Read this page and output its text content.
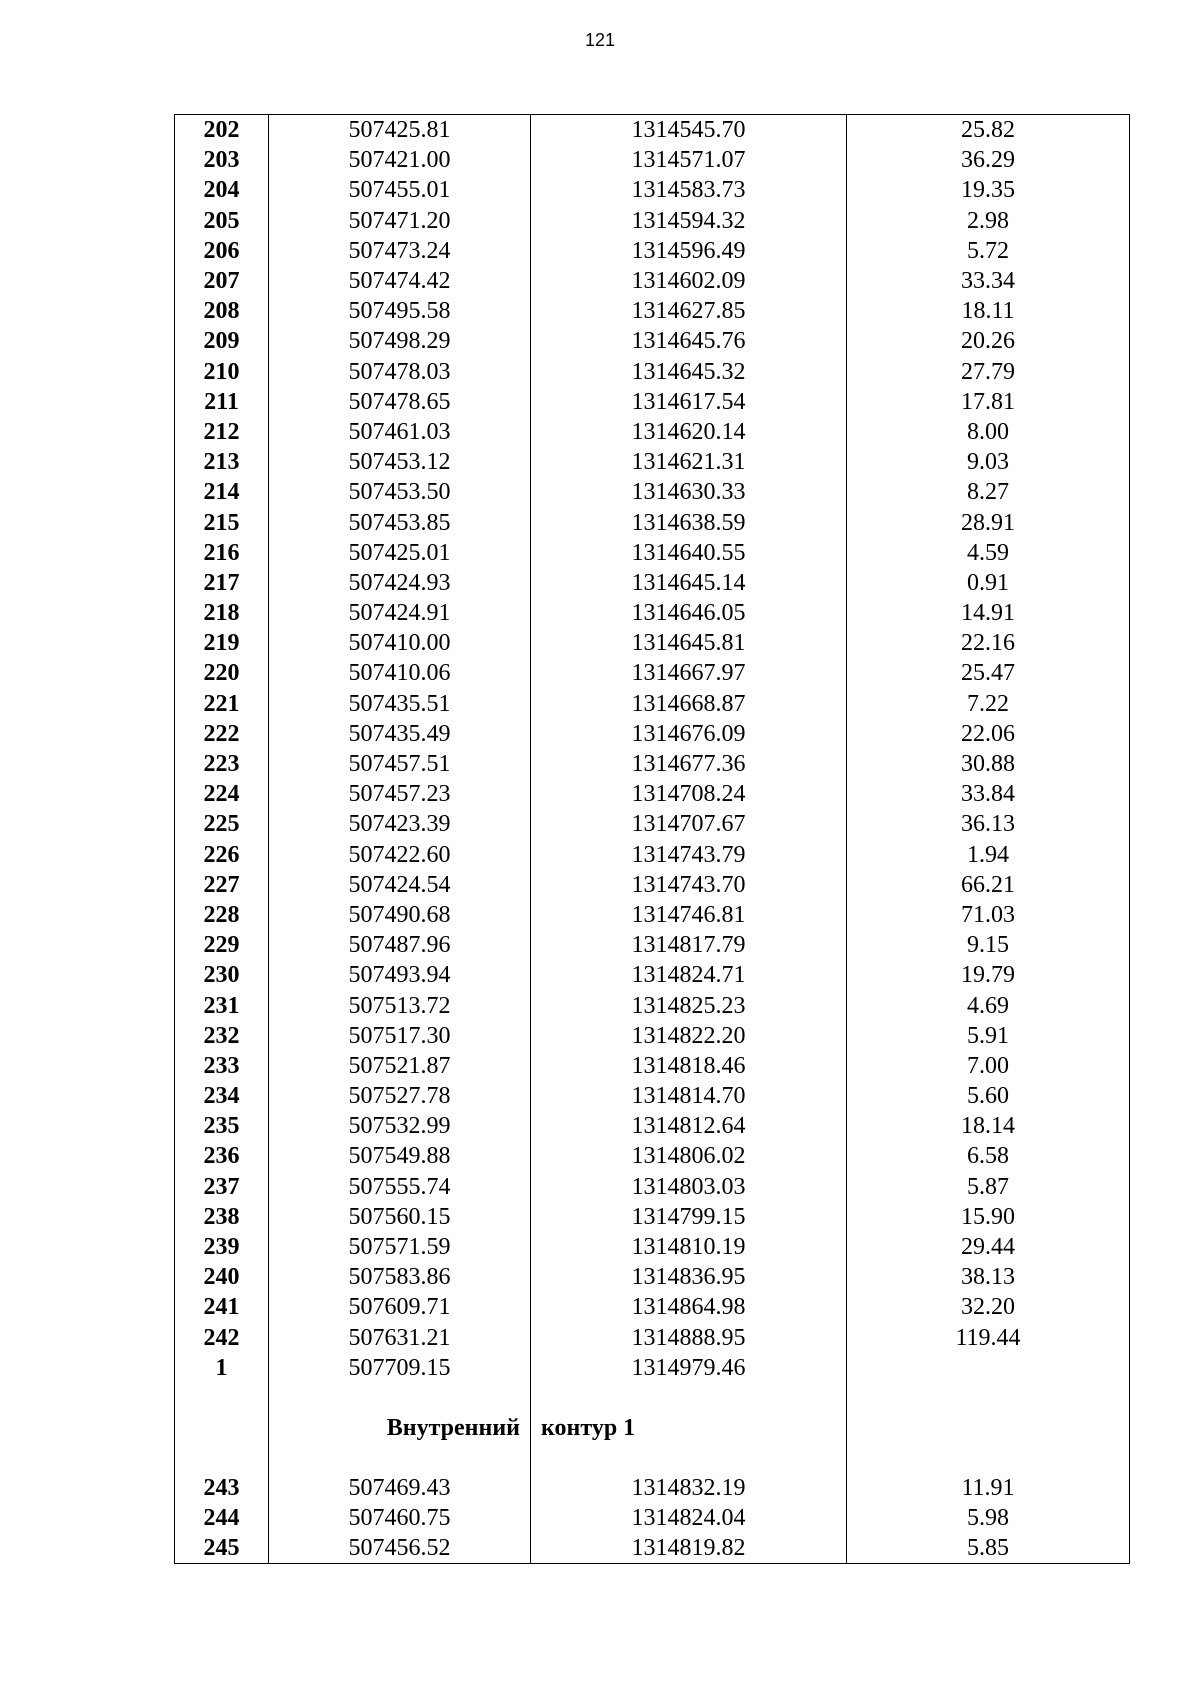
121
202	507425.81	1314545.70	25.82
203	507421.00	1314571.07	36.29
204	507455.01	1314583.73	19.35
205	507471.20	1314594.32	2.98
206	507473.24	1314596.49	5.72
207	507474.42	1314602.09	33.34
208	507495.58	1314627.85	18.11
209	507498.29	1314645.76	20.26
210	507478.03	1314645.32	27.79
211	507478.65	1314617.54	17.81
212	507461.03	1314620.14	8.00
213	507453.12	1314621.31	9.03
214	507453.50	1314630.33	8.27
215	507453.85	1314638.59	28.91
216	507425.01	1314640.55	4.59
217	507424.93	1314645.14	0.91
218	507424.91	1314646.05	14.91
219	507410.00	1314645.81	22.16
220	507410.06	1314667.97	25.47
221	507435.51	1314668.87	7.22
222	507435.49	1314676.09	22.06
223	507457.51	1314677.36	30.88
224	507457.23	1314708.24	33.84
225	507423.39	1314707.67	36.13
226	507422.60	1314743.79	1.94
227	507424.54	1314743.70	66.21
228	507490.68	1314746.81	71.03
229	507487.96	1314817.79	9.15
230	507493.94	1314824.71	19.79
231	507513.72	1314825.23	4.69
232	507517.30	1314822.20	5.91
233	507521.87	1314818.46	7.00
234	507527.78	1314814.70	5.60
235	507532.99	1314812.64	18.14
236	507549.88	1314806.02	6.58
237	507555.74	1314803.03	5.87
238	507560.15	1314799.15	15.90
239	507571.59	1314810.19	29.44
240	507583.86	1314836.95	38.13
241	507609.71	1314864.98	32.20
242	507631.21	1314888.95	119.44
1	507709.15	1314979.46	

	Внутренний	контур 1	

243	507469.43	1314832.19	11.91
244	507460.75	1314824.04	5.98
245	507456.52	1314819.82	5.85
